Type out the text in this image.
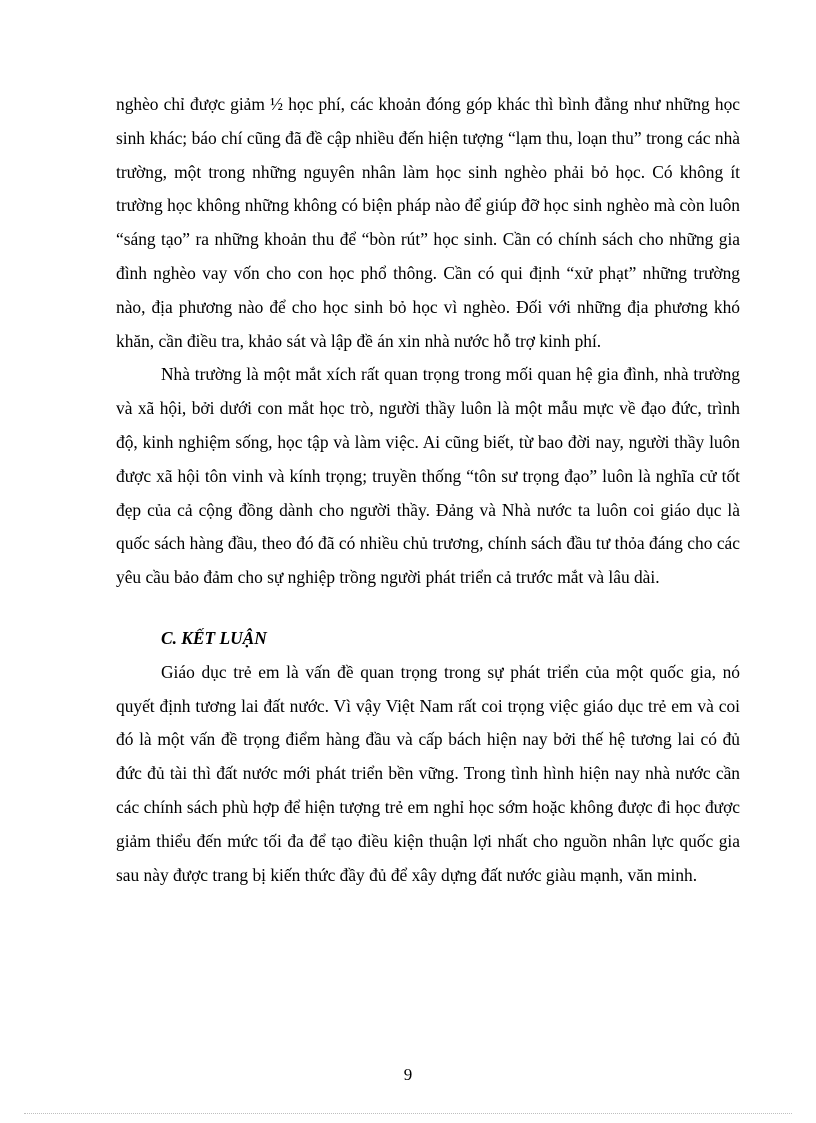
nghèo chỉ được giảm ½ học phí, các khoản đóng góp khác thì bình đẳng như những học sinh khác; báo chí cũng đã đề cập nhiều đến hiện tượng “lạm thu, loạn thu” trong các nhà trường, một trong những nguyên nhân làm học sinh nghèo phải bỏ học. Có không ít trường học không những không có biện pháp nào để giúp đỡ học sinh nghèo mà còn luôn “sáng tạo” ra những khoản thu để “bòn rút” học sinh. Cần có chính sách cho những gia đình nghèo vay vốn cho con học phổ thông. Cần có qui định “xử phạt” những trường nào, địa phương nào để cho học sinh bỏ học vì nghèo. Đối với những địa phương khó khăn, cần điều tra, khảo sát và lập đề án xin nhà nước hỗ trợ kinh phí.

Nhà trường là một mắt xích rất quan trọng trong mối quan hệ gia đình, nhà trường và xã hội, bởi dưới con mắt học trò, người thầy luôn là một mẫu mực về đạo đức, trình độ, kinh nghiệm sống, học tập và làm việc. Ai cũng biết, từ bao đời nay, người thầy luôn được xã hội tôn vinh và kính trọng; truyền thống “tôn sư trọng đạo” luôn là nghĩa cử tốt đẹp của cả cộng đồng dành cho người thầy. Đảng và Nhà nước ta luôn coi giáo dục là quốc sách hàng đầu, theo đó đã có nhiều chủ trương, chính sách đầu tư thỏa đáng cho các yêu cầu bảo đảm cho sự nghiệp trồng người phát triển cả trước mắt và lâu dài.

C. KẾT LUẬN

Giáo dục trẻ em là vấn đề quan trọng trong sự phát triển của một quốc gia, nó quyết định tương lai đất nước. Vì vậy Việt Nam rất coi trọng việc giáo dục trẻ em và coi đó là một vấn đề trọng điểm hàng đầu và cấp bách hiện nay bởi thế hệ tương lai có đủ đức đủ tài thì đất nước mới phát triển bền vững. Trong tình hình hiện nay nhà nước cần các chính sách phù hợp để hiện tượng trẻ em nghỉ học sớm hoặc không được đi học được giảm thiểu đến mức tối đa để tạo điều kiện thuận lợi nhất cho nguồn nhân lực quốc gia sau này được trang bị kiến thức đầy đủ để xây dựng đất nước giàu mạnh, văn minh.

9
